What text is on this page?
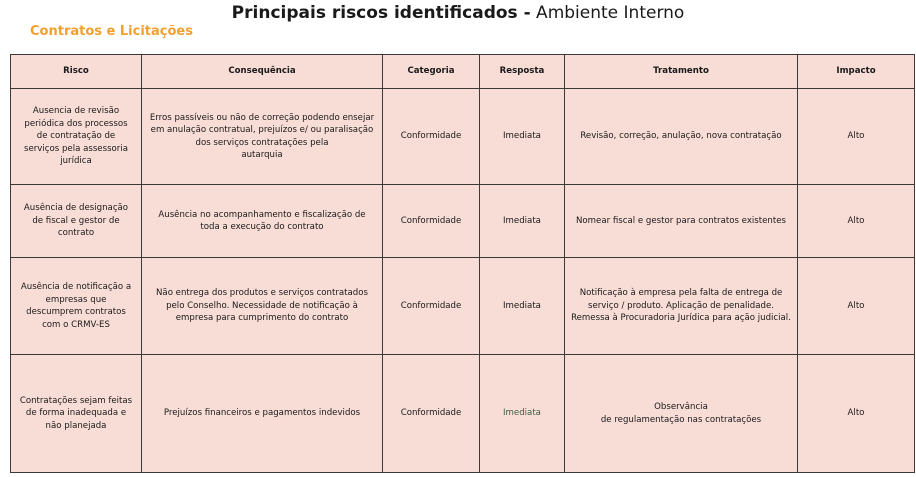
Principais riscos identificados - Ambiente Interno
Contratos e Licitações
Risco	Consequência	Categoria	Resposta	Tratamento	Impacto
Ausencia de revisão
periódica dos processos
de contratação de
serviços pela assessoria
jurídica	Erros passíveis ou não de correção podendo ensejar
em anulação contratual, prejuízos e/ ou paralisação
dos serviços contratações pela
autarquia	Conformidade	Imediata	Revisão, correção, anulação, nova contratação	Alto
Ausência de designação
de fiscal e gestor de
contrato	Ausência no acompanhamento e fiscalização de
toda a execução do contrato	Conformidade	Imediata	Nomear fiscal e gestor para contratos existentes	Alto
Ausência de notificação a
empresas que
descumprem contratos
com o CRMV-ES	Não entrega dos produtos e serviços contratados
pelo Conselho. Necessidade de notificação à
empresa para cumprimento do contrato	Conformidade	Imediata	Notificação à empresa pela falta de entrega de
serviço / produto. Aplicação de penalidade.
Remessa à Procuradoria Jurídica para ação judicial.	Alto
Contratações sejam feitas
de forma inadequada e
não planejada	Prejuízos financeiros e pagamentos indevidos	Conformidade	Imediata	Observância
de regulamentação nas contratações	Alto
